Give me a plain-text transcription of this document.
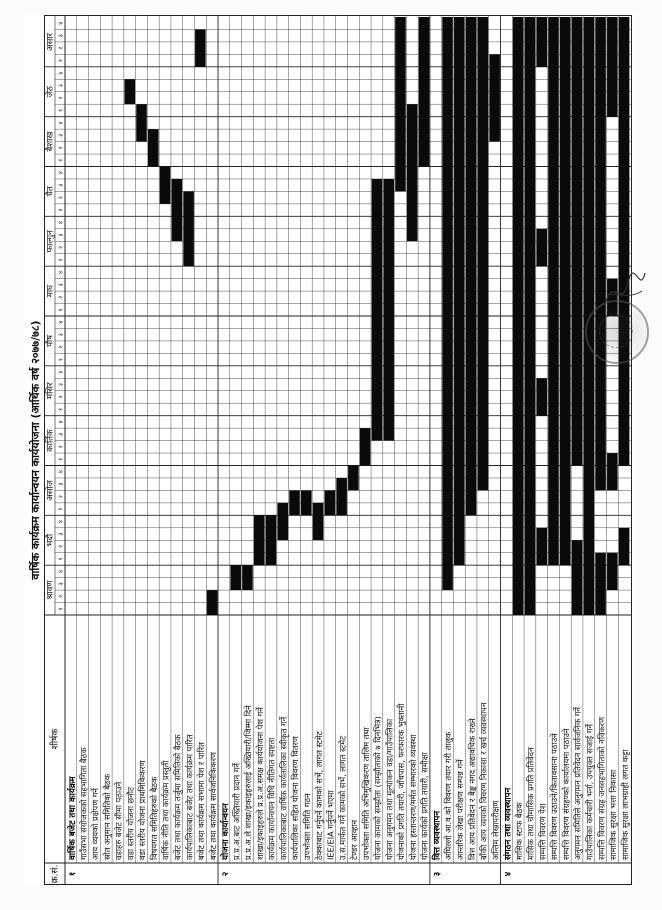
वार्षिक कार्यक्रम कार्यान्वयन कार्ययोजना (आर्थिक वर्ष २०७७/७८)
क्र.सं.
शीर्षक
श्रावण
भदौ
असोज
कार्तिक
मंसिर
पौष
माघ
फाल्गुन
चैत
बैशाख
जेठ
असार
१
२
३
४
१
२
३
४
१
२
३
४
१
२
३
४
१
२
३
४
१
२
३
४
१
२
३
४
१
२
३
४
१
२
३
४
१
२
३
४
१
२
३
४
१
२
३
४
१
वार्षिक बजेट तथा कार्यक्रम गाउँसभा संयोजकको सहभागिता बैठक आय व्ययको प्रक्षेपण गर्ने स्रोत अनुमान समितिको बैठक वडाहरु बजेट सीमा पठाउने वडा स्तरीय योजना छनौट वडा स्तरीय योजना प्राथमिकिकरण विषयगत समितिहरुको बैठक वार्षिक नीति तथा कार्यक्रम प्रस्तुती बजेट तथा कार्यक्रम तर्जुमा समितिको बैठक कार्यपालिकाबाट बजेट तथा कार्यक्रम पारित बजेट तथा कार्यक्रम सभामा पेश र पारित बजेट तथा कार्यक्रम सार्वजनिकिकरण
२
योजना कार्यान्वयन प्र.प्र.अ.बाट अख्तियारी प्रदान गर्ने प्र.प्र.अ.ले शाखा/इकाइहरुलाई अख्तियारी/जिम्मा दिने शाखा/इकाइहरुले प्र.प्र.अ.समक्ष कार्ययोजना पेश गर्ने कार्यक्रम कार्यान्वयन विधि नीतिगत स्पष्टता कार्यपालिकाबाट वार्षिक कार्यतालिका स्वीकृत गर्ने कार्यपालिका सहित योजना विवरण वितरण उपभोक्ता समिति गठन ठेक्काबाट गर्नुपर्ने कामको सर्भे, लागत स्टमेट IEE/EIA गर्नुपर्ने भएमा उ.स.मार्फत गर्ने कामको सर्भे, लागत स्टमेट टेण्डर आव्हान उपभोक्ता समिति अभिमुखिकरण तालिम तथा योजना कामको सम्झौता (सम्झौताको ७ दिनभित्र) योजना अनुगमन तथा मूल्यांकन वडा/गाउँपालिका योजनाको प्रगति तयारी, जाँचपास, फरफारक भुक्तानी योजना हस्तान्तरण/मर्मत सम्भारको व्यवस्था योजना कार्यको प्रगति तयारी, समीक्षा
३
वित्त व्यवस्थापन अघिल्लो आ.व.को विवरण तयार गरी तालुक आन्तरिक लेखा परीक्षण सम्पन्न गर्ने वित्त आय प्रतिवेदन र बैङ्क नगद अद्यावधिक राख्ने बाँकी आय व्ययको विवरण निकासा र खर्च व्यवस्थापन अन्तिम लेखापरीक्षण
४
संगठन तथा व्यवस्थापन मासिक स्टाफ बैठक मासिक तथा चौमासिक प्रगति प्रतिवेदन सम्पत्ति विवरण पेश सम्पत्ति विवरण उठाउने/कितावसाना पठाउने सम्पत्ति विवरण संग्रहण्को कार्यालयमा पठाउने अनुगमन समितिले अनुगमन प्रतिवेदन सार्वजनिक गर्ने गाउँपालिका कर्मचारी भर्ना, उपयुक्त सजाई गर्ने सम्पत्ति विवरण संग्रह जनसहभागिताको नविकरण सामाजिक सुरक्षा भत्ता निकासा सामाजिक सुरक्षा लाभग्राही लगत कट्टा
